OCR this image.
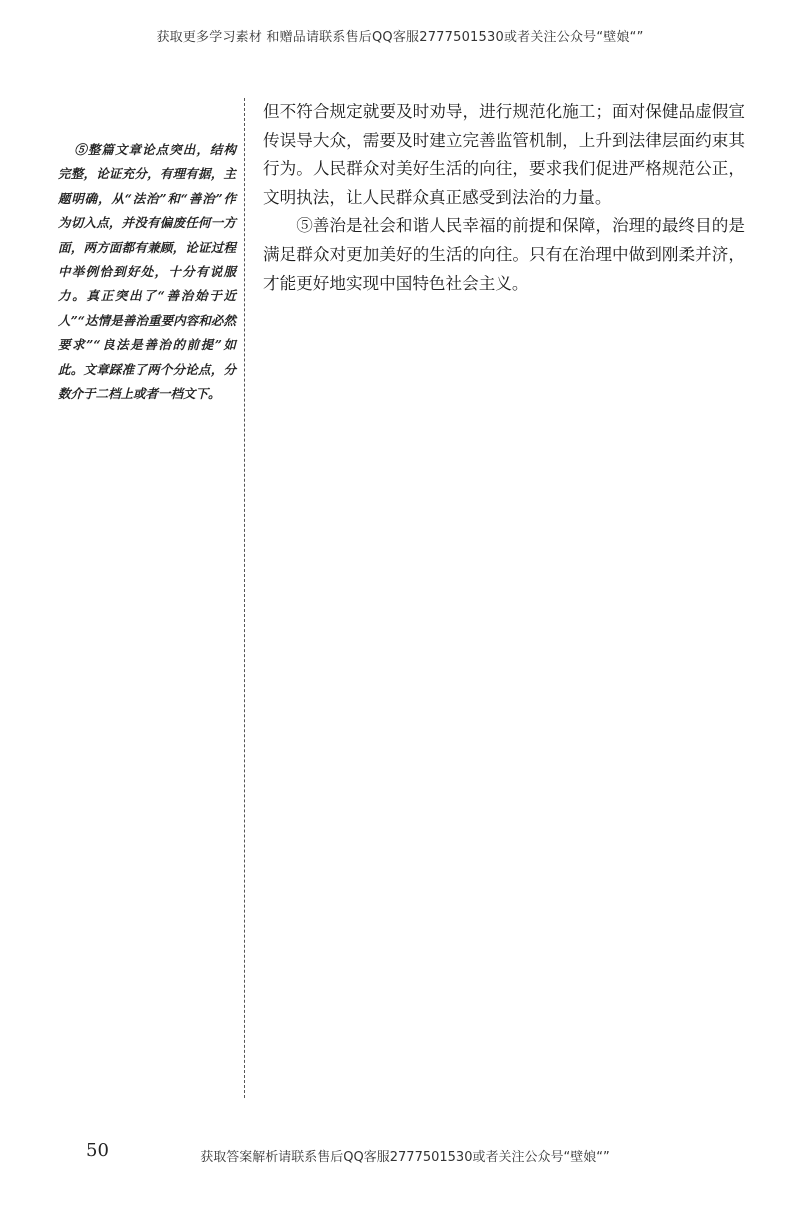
获取更多学习素材 和赠品请联系售后QQ客服2777501530或者关注公众号“壁娘“”

⑤整篇文章论点突出，结构完整，论证充分，有理有据，主题明确，从“法治”和“善治”作为切入点，并没有偏废任何一方面，两方面都有兼顾，论证过程中举例恰到好处，十分有说服力。真正突出了“善治始于近人”“达情是善治重要内容和必然要求”“良法是善治的前提”如此。文章踩准了两个分论点，分数介于二档上或者一档文下。

但不符合规定就要及时劝导，进行规范化施工；面对保健品虚假宣传误导大众，需要及时建立完善监管机制，上升到法律层面约束其行为。人民群众对美好生活的向往，要求我们促进严格规范公正，文明执法，让人民群众真正感受到法治的力量。

⑤善治是社会和谐人民幸福的前提和保障，治理的最终目的是满足群众对更加美好的生活的向往。只有在治理中做到刚柔并济，才能更好地实现中国特色社会主义。

50	获取答案解析请联系售后QQ客服2777501530或者关注公众号“壁娘“”
